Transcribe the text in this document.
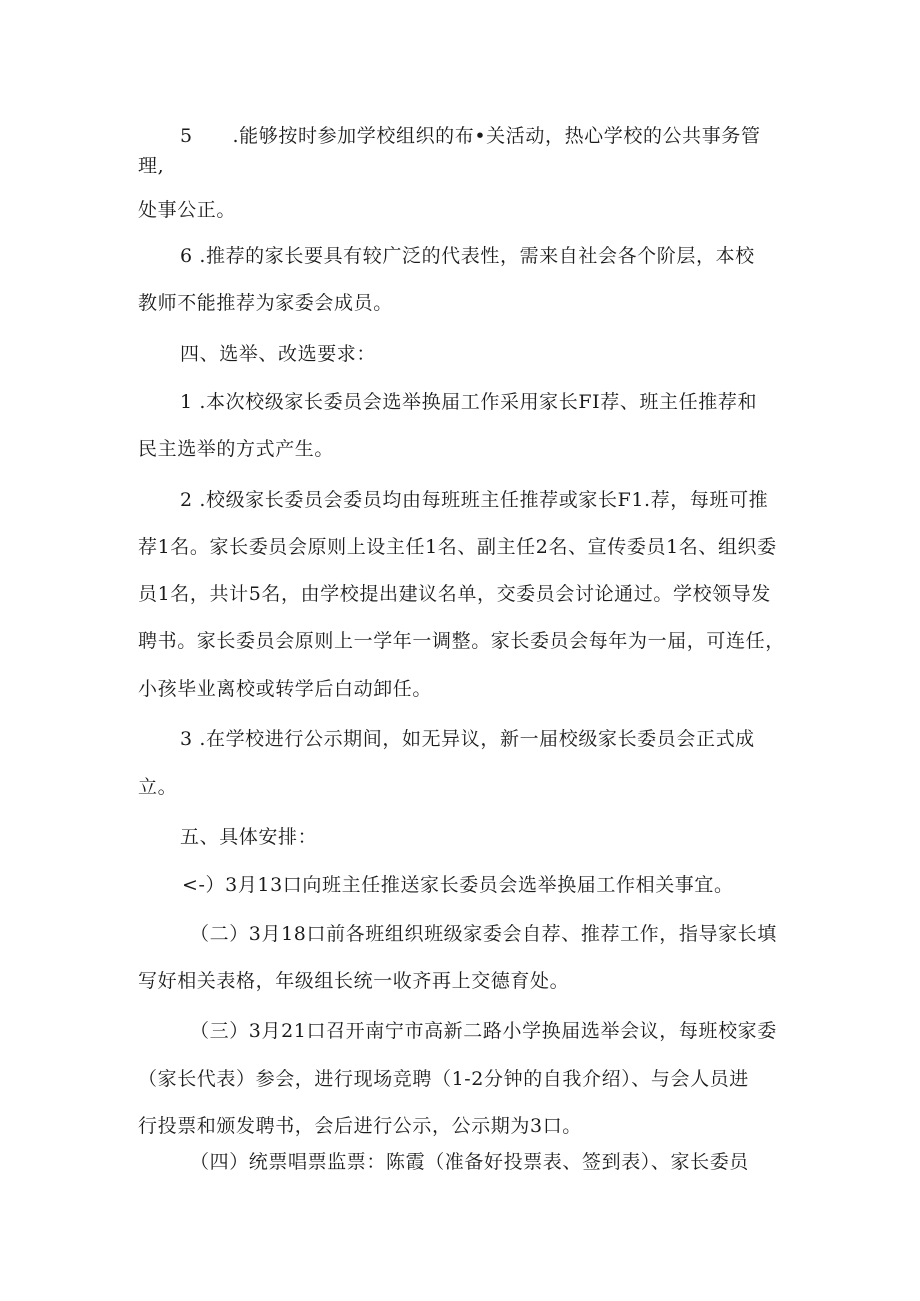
5      .能够按时参加学校组织的布•关活动，热心学校的公共事务管
理,
处事公正。
6 .推荐的家长要具有较广泛的代表性，需来自社会各个阶层，本校
教师不能推荐为家委会成员。
四、选举、改选要求：
1 .本次校级家长委员会选举换届工作采用家长FI荐、班主任推荐和
民主选举的方式产生。
2 .校级家长委员会委员均由每班班主任推荐或家长F1.荐，每班可推
荐1名。家长委员会原则上设主任1名、副主任2名、宣传委员1名、组织委
员1名，共计5名，由学校提出建议名单，交委员会讨论通过。学校领导发
聘书。家长委员会原则上一学年一调整。家长委员会每年为一届，可连任，
小孩毕业离校或转学后白动卸任。
3 .在学校进行公示期间，如无异议，新一届校级家长委员会正式成
立。
五、具体安排：
<-）3月13口向班主任推送家长委员会选举换届工作相关事宜。
（二）3月18口前各班组织班级家委会自荐、推荐工作，指导家长填
写好相关表格，年级组长统一收齐再上交德育处。
（三）3月21口召开南宁市高新二路小学换届选举会议，每班校家委
（家长代表）参会，进行现场竞聘（1-2分钟的自我介绍）、与会人员进
行投票和颁发聘书，会后进行公示，公示期为3口。
（四）统票唱票监票：陈霞（准备好投票表、签到表）、家长委员
